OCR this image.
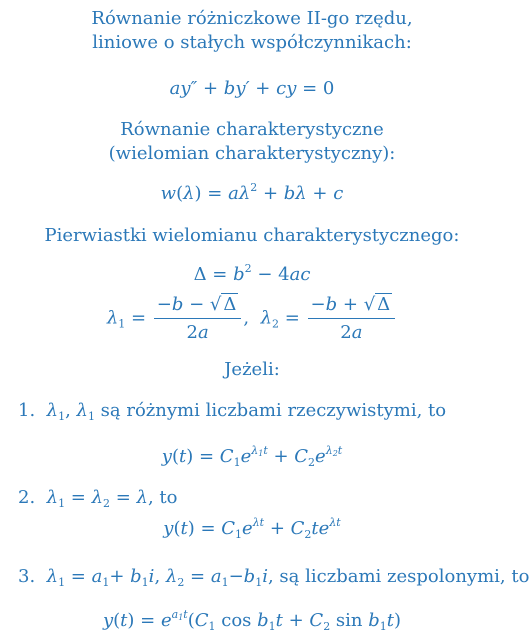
Równanie różniczkowe II-go rzędu,
liniowe o stałych współczynnikach:
ay″ + by′ + cy = 0
Równanie charakterystyczne
(wielomian charakterystyczny):
$w(\lambda) = a\lambda^2 + b\lambda + c$
Pierwiastki wielomianu charakterystycznego:
$\Delta = b^2 - 4ac$
$\lambda_1 = \frac{-b - √ \Delta}{2a}$ ,  $\lambda_2 = \frac{-b + √ \Delta}{2a}$
Jeżeli:
1. $\lambda_1$, $\lambda_1$ są różnymi liczbami rzeczywistymi, to
$y(t) = C_1e^{\lambda_1t} + C_2e^{\lambda_2t}$
2. $\lambda_1 = \lambda_2 = \lambda$, to
$y(t) = C_1e^{\lambda t} + C_2te^{\lambda t}$
3. $\lambda_1 = a_1+ b_1i$, $\lambda_2 = a_1-b_1i$, są liczbami zespolonymi, to
$y(t) = e^{a_1t}(C_1$ $\cos b_1t + C_2$ $\sin b_1t$)
